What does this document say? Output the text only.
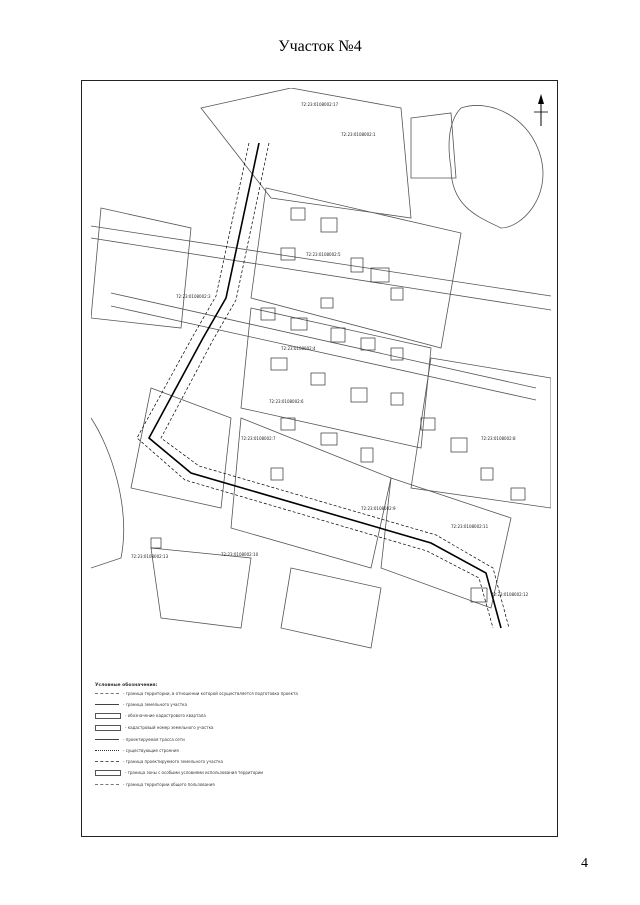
Участок №4
72:23:0108002:17
72:23:0108002:1
72:23:0108002:5
72:23:0108002:3
72:23:0108002:4
72:23:0108002:6
72:23:0108002:7	72:23:0108002:8
72:23:0108002:9
72:23:0108002:10
72:23:0108002:11
72:23:0108002:12
72:23:0108002:13
Условные обозначения:
- граница территории, в отношении которой осуществляется подготовка проекта
- граница земельного участка
- обозначение кадастрового квартала
- кадастровый номер земельного участка
- проектируемая трасса сети
- существующие строения
- граница проектируемого земельного участка
- граница зоны с особыми условиями использования территории
- граница территории общего пользования
4
